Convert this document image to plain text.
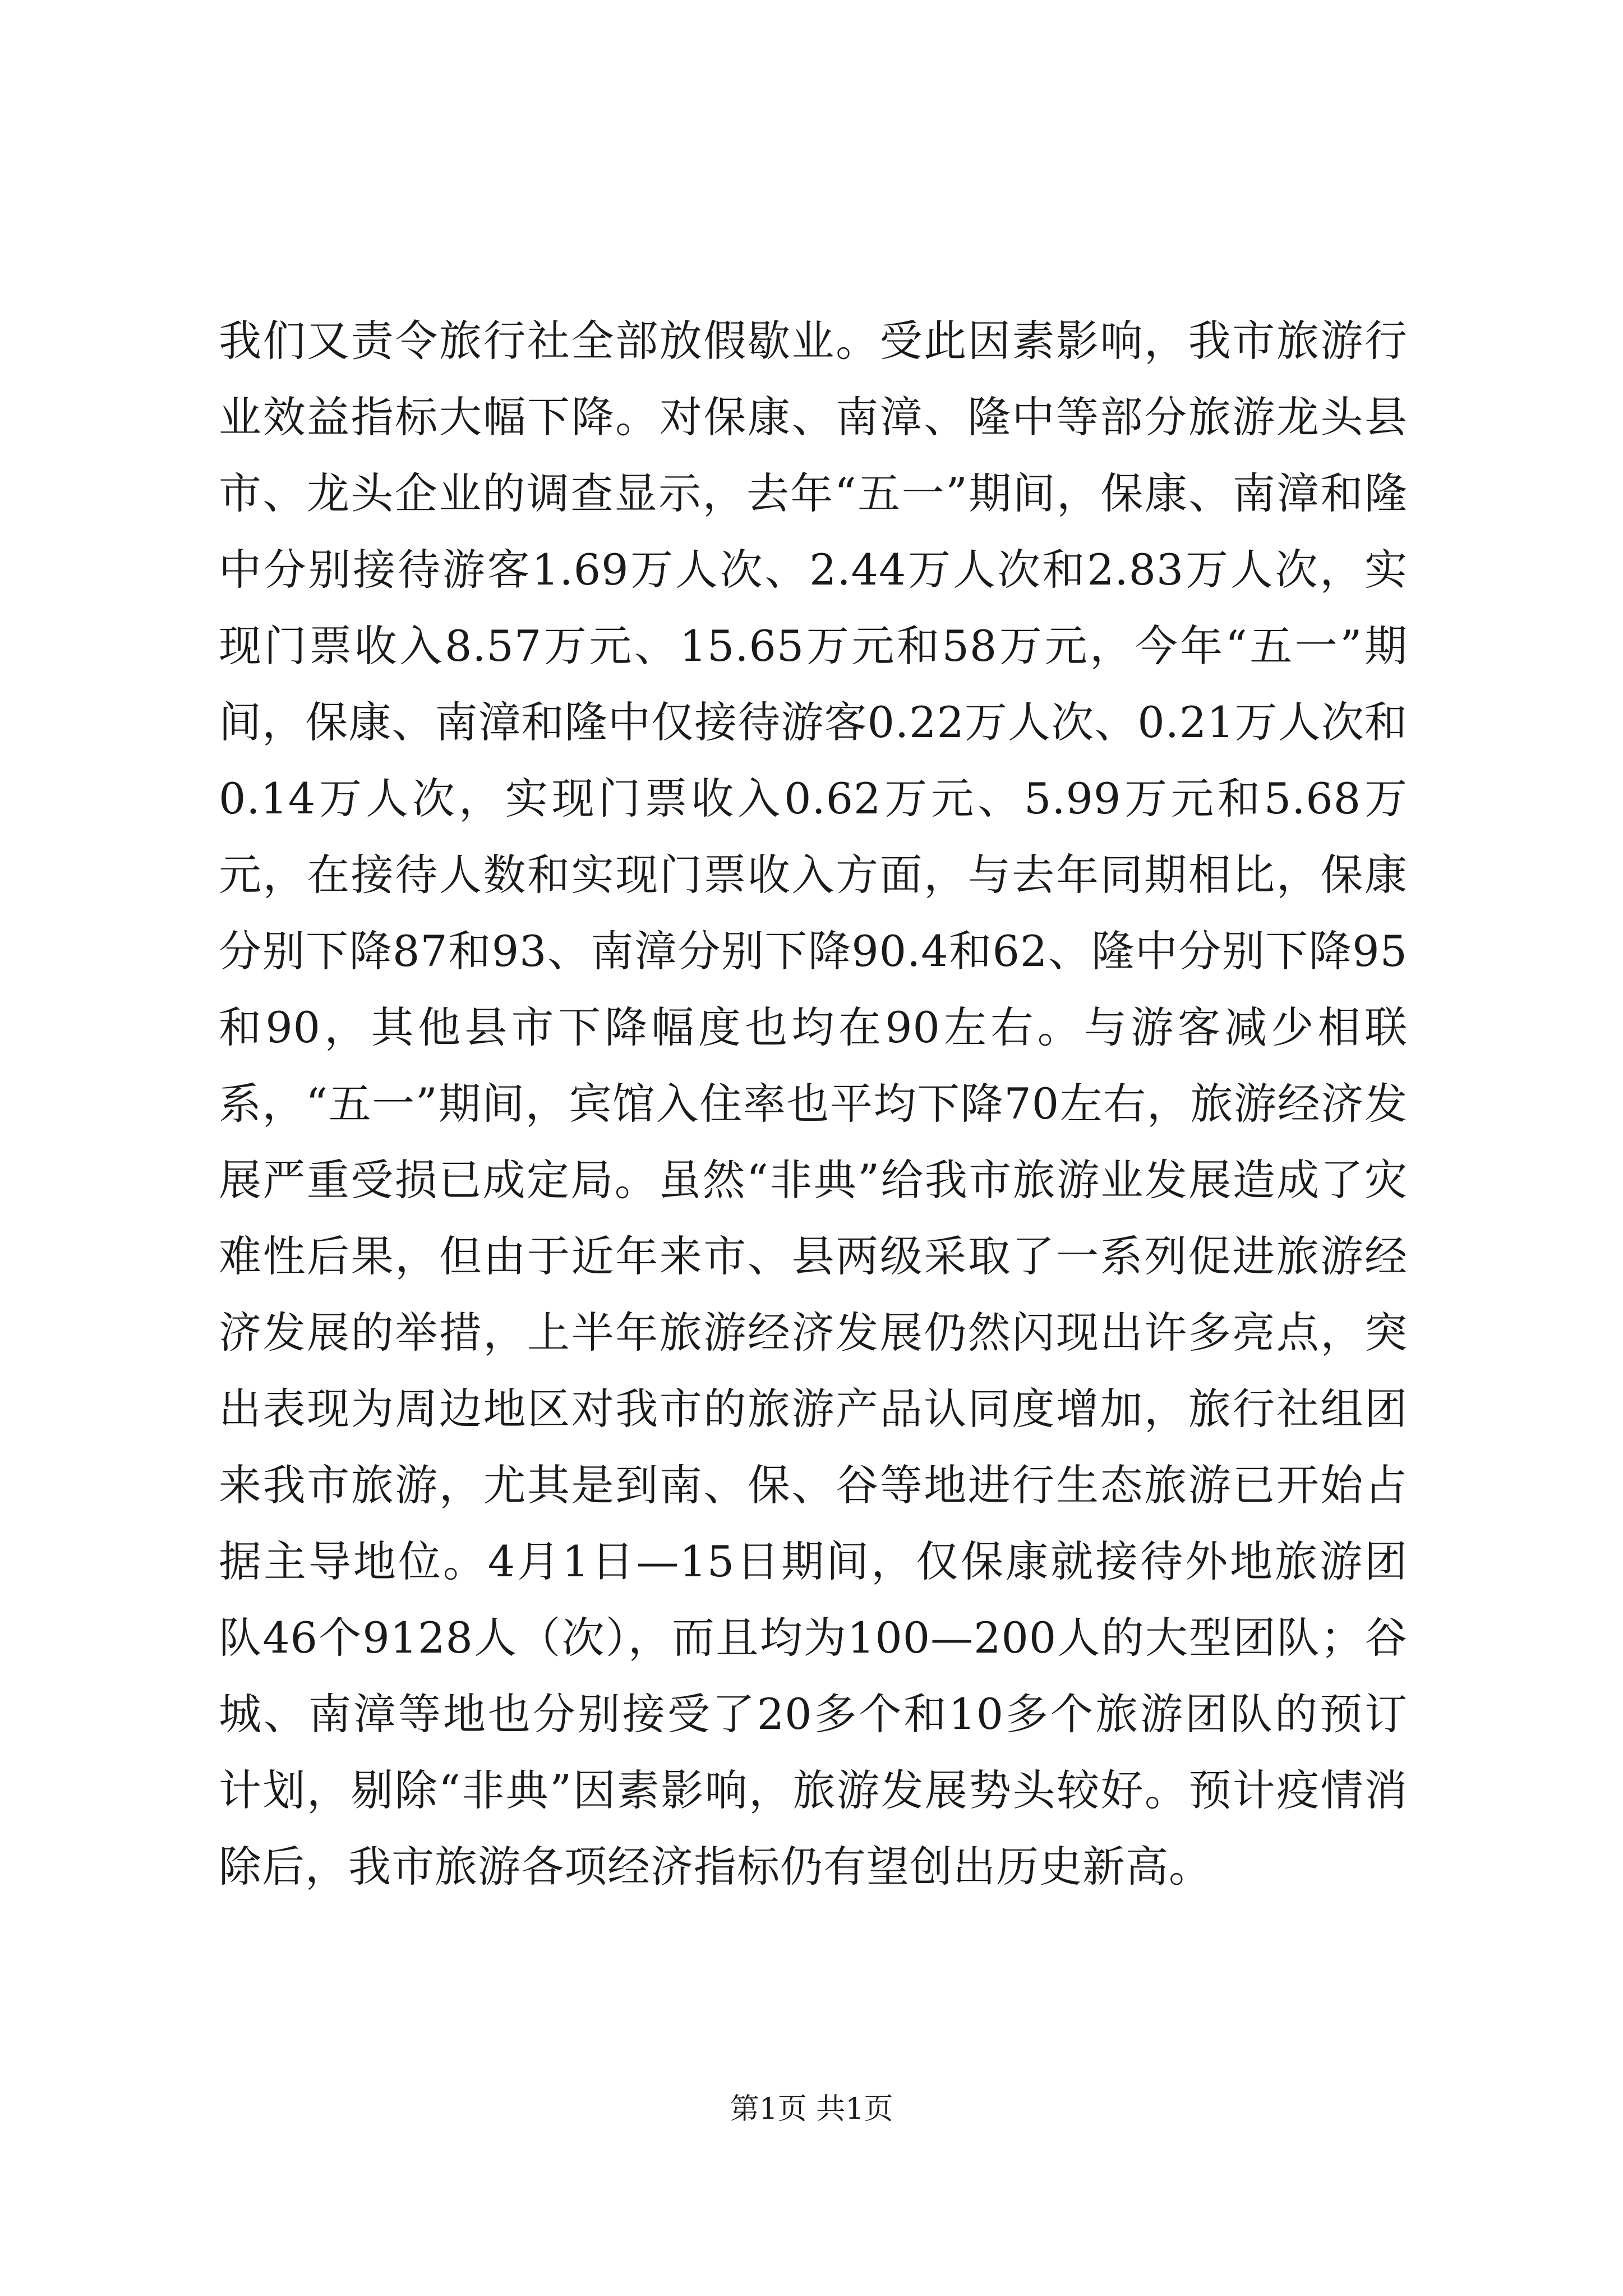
我们又责令旅行社全部放假歇业。受此因素影响，我市旅游行业效益指标大幅下降。对保康、南漳、隆中等部分旅游龙头县市、龙头企业的调查显示，去年“五一”期间，保康、南漳和隆中分别接待游客1.69万人次、2.44万人次和2.83万人次，实现门票收入8.57万元、15.65万元和58万元，今年“五一”期间，保康、南漳和隆中仅接待游客0.22万人次、0.21万人次和0.14万人次，实现门票收入0.62万元、5.99万元和5.68万元，在接待人数和实现门票收入方面，与去年同期相比，保康分别下降87和93、南漳分别下降90.4和62、隆中分别下降95和90，其他县市下降幅度也均在90左右。与游客减少相联系，“五一”期间，宾馆入住率也平均下降70左右，旅游经济发展严重受损已成定局。虽然“非典”给我市旅游业发展造成了灾难性后果，但由于近年来市、县两级采取了一系列促进旅游经济发展的举措，上半年旅游经济发展仍然闪现出许多亮点，突出表现为周边地区对我市的旅游产品认同度增加，旅行社组团来我市旅游，尤其是到南、保、谷等地进行生态旅游已开始占据主导地位。4月1日—15日期间，仅保康就接待外地旅游团队46个9128人（次），而且均为100—200人的大型团队；谷城、南漳等地也分别接受了20多个和10多个旅游团队的预订计划，剔除“非典”因素影响，旅游发展势头较好。预计疫情消除后，我市旅游各项经济指标仍有望创出历史新高。

第1页 共1页
